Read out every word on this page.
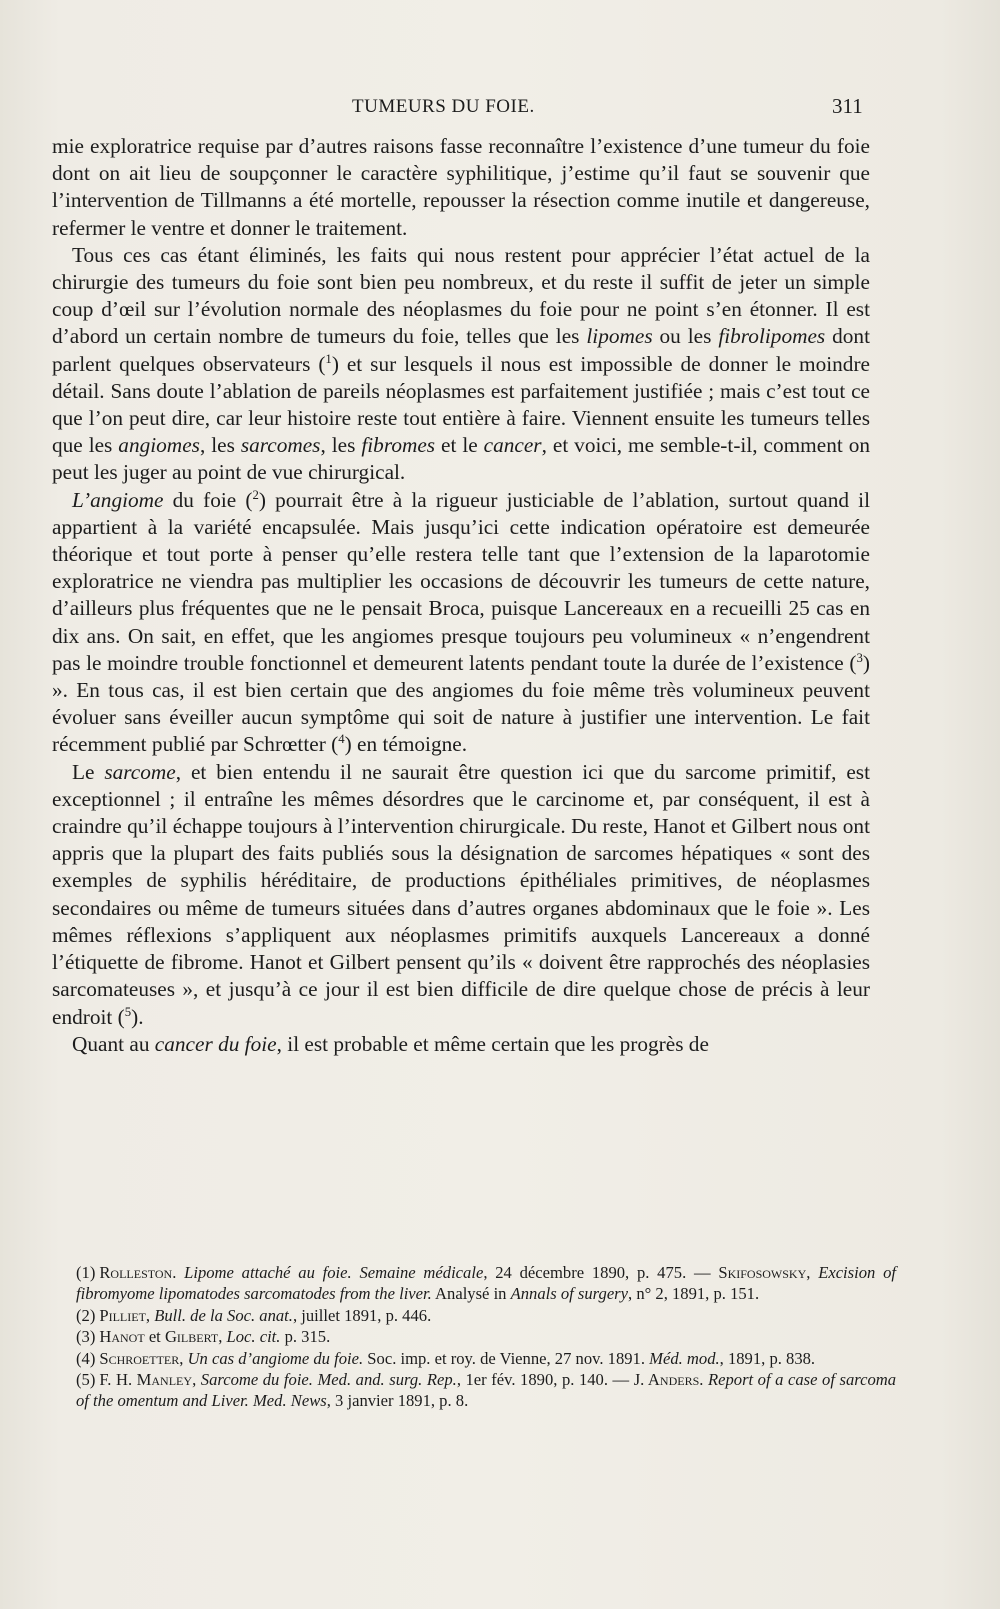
TUMEURS DU FOIE.	311

mie exploratrice requise par d’autres raisons fasse reconnaître l’existence d’une tumeur du foie dont on ait lieu de soupçonner le caractère syphilitique, j’estime qu’il faut se souvenir que l’intervention de Tillmanns a été mortelle, repousser la résection comme inutile et dangereuse, refermer le ventre et donner le traitement.

Tous ces cas étant éliminés, les faits qui nous restent pour apprécier l’état actuel de la chirurgie des tumeurs du foie sont bien peu nombreux, et du reste il suffit de jeter un simple coup d’œil sur l’évolution normale des néoplasmes du foie pour ne point s’en étonner. Il est d’abord un certain nombre de tumeurs du foie, telles que les lipomes ou les fibrolipomes dont parlent quelques observateurs ($^1$) et sur lesquels il nous est impossible de donner le moindre détail. Sans doute l’ablation de pareils néoplasmes est parfaitement justifiée ; mais c’est tout ce que l’on peut dire, car leur histoire reste tout entière à faire. Viennent ensuite les tumeurs telles que les angiomes, les sarcomes, les fibromes et le cancer, et voici, me semble-t-il, comment on peut les juger au point de vue chirurgical.

L’angiome du foie ($^2$) pourrait être à la rigueur justiciable de l’ablation, surtout quand il appartient à la variété encapsulée. Mais jusqu’ici cette indication opératoire est demeurée théorique et tout porte à penser qu’elle restera telle tant que l’extension de la laparotomie exploratrice ne viendra pas multiplier les occasions de découvrir les tumeurs de cette nature, d’ailleurs plus fréquentes que ne le pensait Broca, puisque Lancereaux en a recueilli 25 cas en dix ans. On sait, en effet, que les angiomes presque toujours peu volumineux « n’engendrent pas le moindre trouble fonctionnel et demeurent latents pendant toute la durée de l’existence ($^3$) ». En tous cas, il est bien certain que des angiomes du foie même très volumineux peuvent évoluer sans éveiller aucun symptôme qui soit de nature à justifier une intervention. Le fait récemment publié par Schrœtter ($^4$) en témoigne.

Le sarcome, et bien entendu il ne saurait être question ici que du sarcome primitif, est exceptionnel ; il entraîne les mêmes désordres que le carcinome et, par conséquent, il est à craindre qu’il échappe toujours à l’intervention chirurgicale. Du reste, Hanot et Gilbert nous ont appris que la plupart des faits publiés sous la désignation de sarcomes hépatiques « sont des exemples de syphilis héréditaire, de productions épithéliales primitives, de néoplasmes secondaires ou même de tumeurs situées dans d’autres organes abdominaux que le foie ». Les mêmes réflexions s’appliquent aux néoplasmes primitifs auxquels Lancereaux a donné l’étiquette de fibrome. Hanot et Gilbert pensent qu’ils « doivent être rapprochés des néoplasies sarcomateuses », et jusqu’à ce jour il est bien difficile de dire quelque chose de précis à leur endroit ($^5$).

Quant au cancer du foie, il est probable et même certain que les progrès de

(1) Rolleston. Lipome attaché au foie. Semaine médicale, 24 décembre 1890, p. 475. — Skifosowsky, Excision of fibromyome lipomatodes sarcomatodes from the liver. Analysé in Annals of surgery, n° 2, 1891, p. 151.

(2) Pilliet, Bull. de la Soc. anat., juillet 1891, p. 446.

(3) Hanot et Gilbert, Loc. cit. p. 315.

(4) Schroetter, Un cas d’angiome du foie. Soc. imp. et roy. de Vienne, 27 nov. 1891. Méd. mod., 1891, p. 838.

(5) F. H. Manley, Sarcome du foie. Med. and. surg. Rep., 1er fév. 1890, p. 140. — J. Anders. Report of a case of sarcoma of the omentum and Liver. Med. News, 3 janvier 1891, p. 8.
